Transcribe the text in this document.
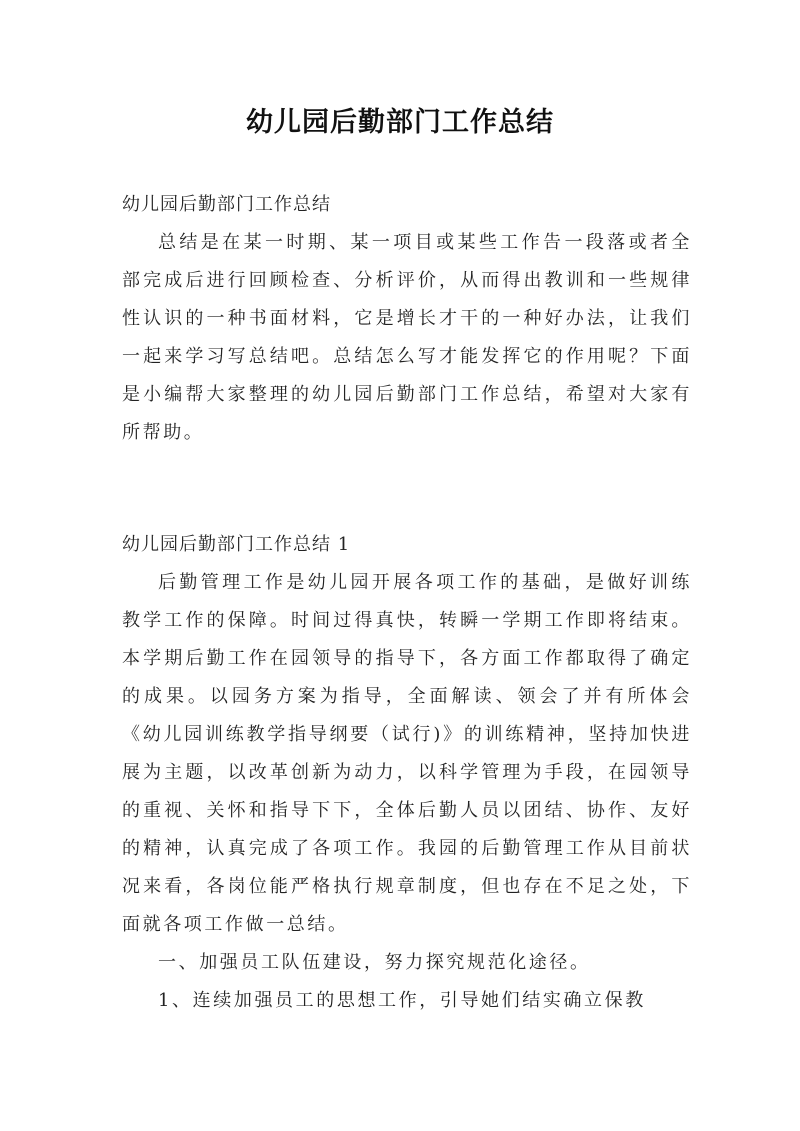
幼儿园后勤部门工作总结
幼儿园后勤部门工作总结

总结是在某一时期、某一项目或某些工作告一段落或者全部完成后进行回顾检查、分析评价，从而得出教训和一些规律性认识的一种书面材料，它是增长才干的一种好办法，让我们一起来学习写总结吧。总结怎么写才能发挥它的作用呢？下面是小编帮大家整理的幼儿园后勤部门工作总结，希望对大家有所帮助。

幼儿园后勤部门工作总结 1

后勤管理工作是幼儿园开展各项工作的基础，是做好训练教学工作的保障。时间过得真快，转瞬一学期工作即将结束。本学期后勤工作在园领导的指导下，各方面工作都取得了确定的成果。以园务方案为指导，全面解读、领会了并有所体会《幼儿园训练教学指导纲要（试行)》的训练精神，坚持加快进展为主题，以改革创新为动力，以科学管理为手段，在园领导的重视、关怀和指导下下，全体后勤人员以团结、协作、友好的精神，认真完成了各项工作。我园的后勤管理工作从目前状况来看，各岗位能严格执行规章制度，但也存在不足之处，下面就各项工作做一总结。

一、加强员工队伍建设，努力探究规范化途径。

1、连续加强员工的思想工作，引导她们结实确立保教
